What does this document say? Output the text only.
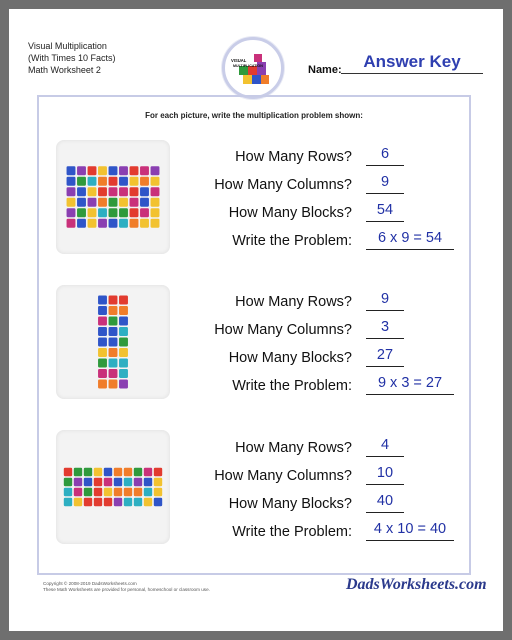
Visual Multiplication
(With Times 10 Facts)
Math Worksheet 2
VISUAL
MULTIPLICATION	Name:	Answer Key
For each picture, write the multiplication problem shown:
How Many Rows?	6
How Many Columns?	9
How Many Blocks?	54
Write the Problem:	6 x 9 = 54
How Many Rows?	9
How Many Columns?	3
How Many Blocks?	27
Write the Problem:	9 x 3 = 27
How Many Rows?	4
How Many Columns?	10
How Many Blocks?	40
Write the Problem:	4 x 10 = 40
Copyright © 2008-2019 DadsWorksheets.com
These Math Worksheets are provided for personal, homeschool or classroom use.	DadsWorksheets.com
